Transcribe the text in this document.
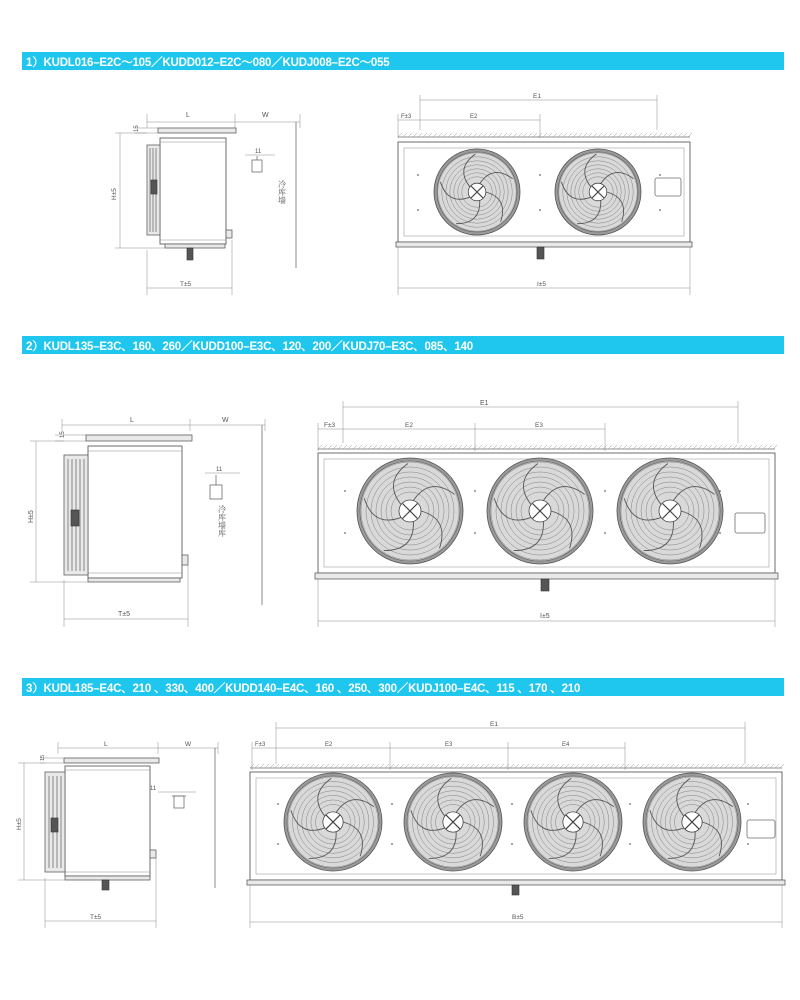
1）KUDL016–E2C～105／KUDD012–E2C～080／KUDJ008–E2C～055
L	W
15
H±5
T±5
11
冷库墙
E1
F±3	E2
I±5
2）KUDL135–E3C、160、260／KUDD100–E3C、120、200／KUDJ70–E3C、085、140
L	W
15
H±5
T±5
11
冷库墙库
E1
F±3	E2	E3
I±5
3）KUDL185–E4C、210 、330、400／KUDD140–E4C、160 、250、300／KUDJ100–E4C、115 、170 、210
L	W
15
H±5
T±5
11
E1
F±3	E2	E3	E4
B±5
